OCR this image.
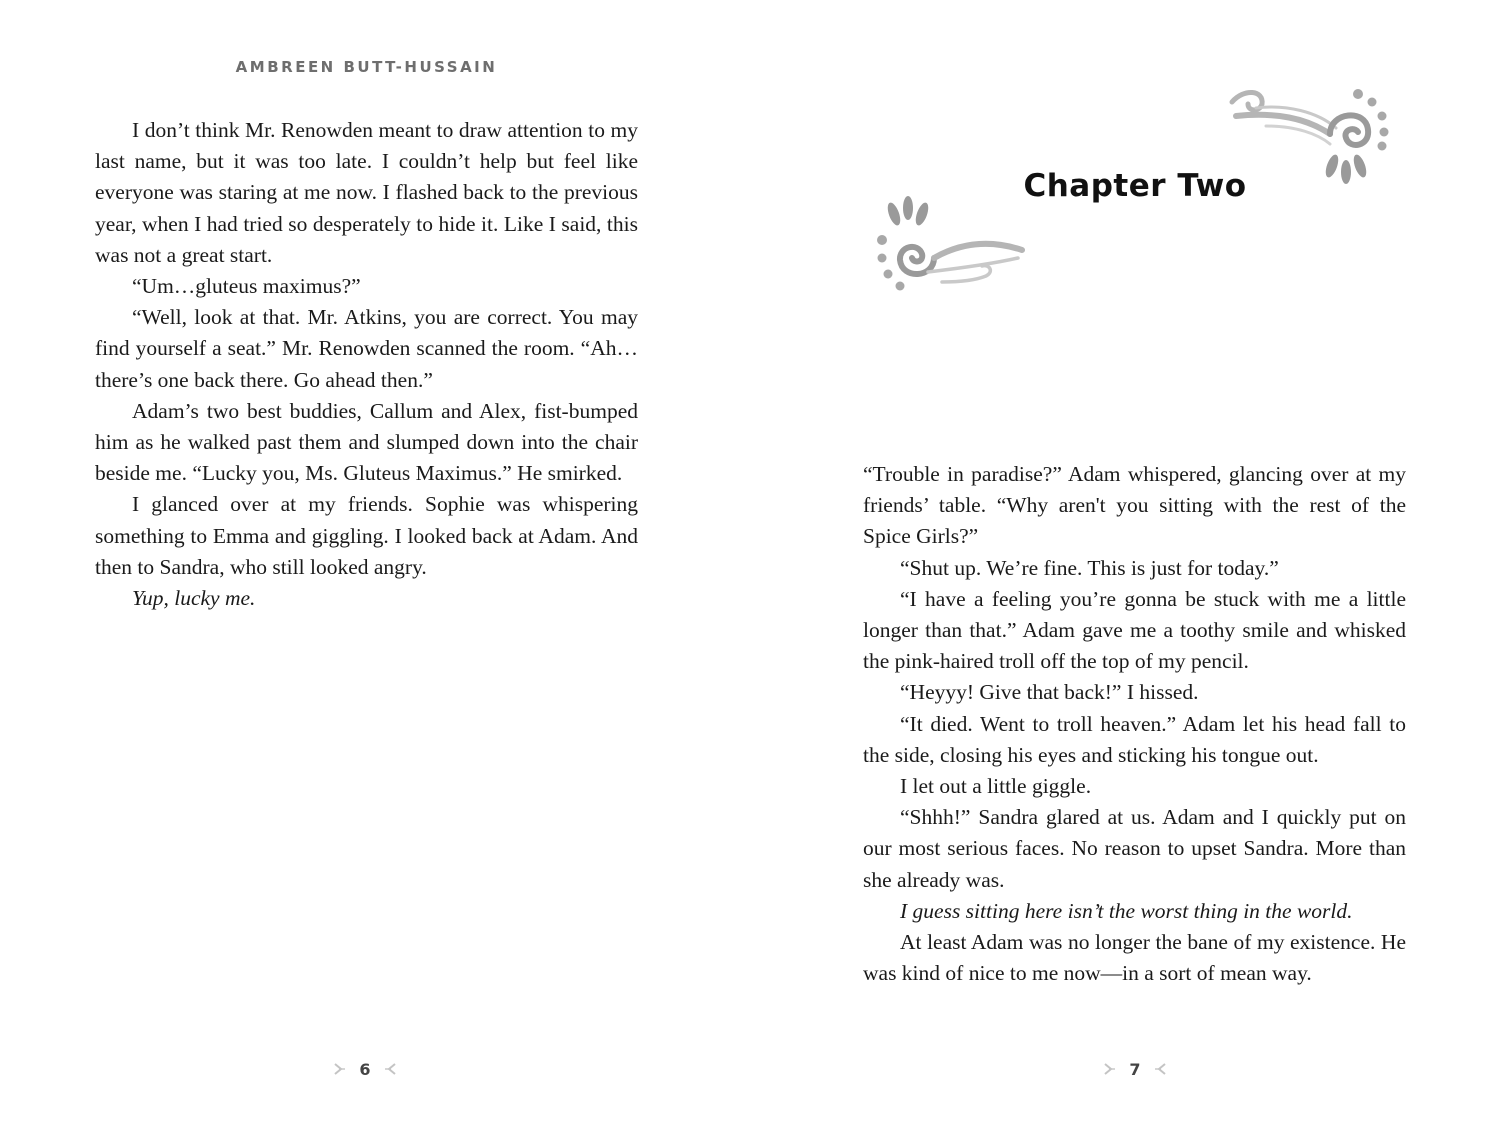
AMBREEN BUTT-HUSSAIN

I don’t think Mr. Renowden meant to draw attention to my last name, but it was too late. I couldn’t help but feel like everyone was staring at me now. I flashed back to the previous year, when I had tried so desperately to hide it. Like I said, this was not a great start.

“Um…gluteus maximus?”

“Well, look at that. Mr. Atkins, you are correct. You may find yourself a seat.” Mr. Renowden scanned the room. “Ah…there’s one back there. Go ahead then.”

Adam’s two best buddies, Callum and Alex, fist-bumped him as he walked past them and slumped down into the chair beside me. “Lucky you, Ms. Gluteus Maximus.” He smirked.

I glanced over at my friends. Sophie was whispering something to Emma and giggling. I looked back at Adam. And then to Sandra, who still looked angry.

Yup, lucky me.

6
Chapter Two

“Trouble in paradise?” Adam whispered, glancing over at my friends’ table. “Why aren't you sitting with the rest of the Spice Girls?”

“Shut up. We’re fine. This is just for today.”

“I have a feeling you’re gonna be stuck with me a little longer than that.” Adam gave me a toothy smile and whisked the pink-haired troll off the top of my pencil.

“Heyyy! Give that back!” I hissed.

“It died. Went to troll heaven.” Adam let his head fall to the side, closing his eyes and sticking his tongue out.

I let out a little giggle.

“Shhh!” Sandra glared at us. Adam and I quickly put on our most serious faces. No reason to upset Sandra. More than she already was.

I guess sitting here isn’t the worst thing in the world.

At least Adam was no longer the bane of my existence. He was kind of nice to me now—in a sort of mean way.

7
